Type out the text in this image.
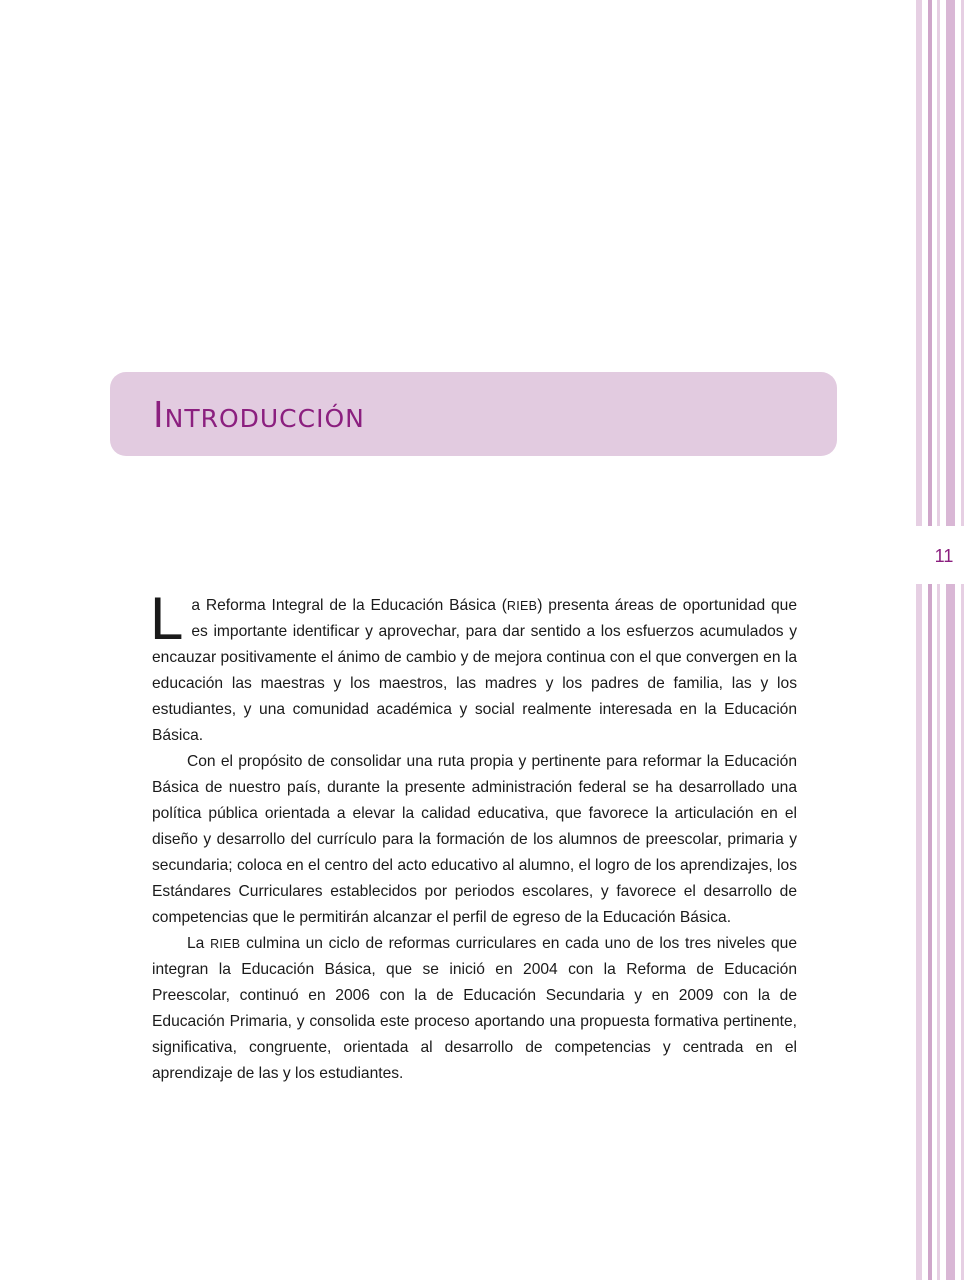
11
Introducción

La Reforma Integral de la Educación Básica (RIEB) presenta áreas de oportunidad que es importante identificar y aprovechar, para dar sentido a los esfuerzos acumulados y encauzar positivamente el ánimo de cambio y de mejora continua con el que convergen en la educación las maestras y los maestros, las madres y los padres de familia, las y los estudiantes, y una comunidad académica y social realmente interesada en la Educación Básica.

Con el propósito de consolidar una ruta propia y pertinente para reformar la Educación Básica de nuestro país, durante la presente administración federal se ha desarrollado una política pública orientada a elevar la calidad educativa, que favorece la articulación en el diseño y desarrollo del currículo para la formación de los alumnos de preescolar, primaria y secundaria; coloca en el centro del acto educativo al alumno, el logro de los aprendizajes, los Estándares Curriculares establecidos por periodos escolares, y favorece el desarrollo de competencias que le permitirán alcanzar el perfil de egreso de la Educación Básica.

La RIEB culmina un ciclo de reformas curriculares en cada uno de los tres niveles que integran la Educación Básica, que se inició en 2004 con la Reforma de Educación Preescolar, continuó en 2006 con la de Educación Secundaria y en 2009 con la de Educación Primaria, y consolida este proceso aportando una propuesta formativa pertinente, significativa, congruente, orientada al desarrollo de competencias y centrada en el aprendizaje de las y los estudiantes.
